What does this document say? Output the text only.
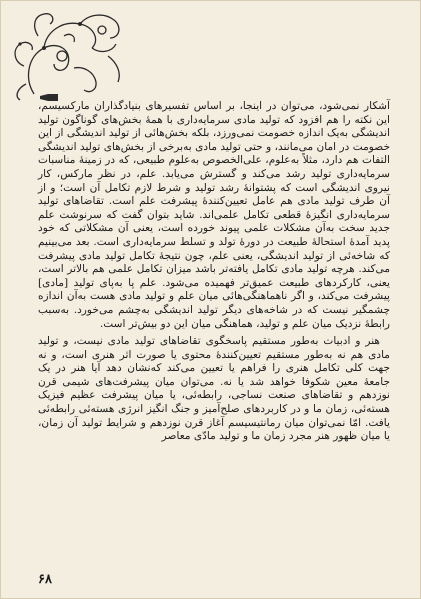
آشکار نمی‌شود، می‌توان در اینجا، بر اساس تفسیرهای بنیادگذاران مارکسیسم، این نکته را هم افزود که تولید مادی سرمایه‌داری با همهٔ بخش‌های گوناگون تولید اندیشگی به‌یک اندازه خصومت نمی‌ورزد، بلکه بخش‌هائی از تولید اندیشگی از این خصومت در امان می‌مانند، و حتی تولید مادی به‌برخی از بخش‌های تولید اندیشگی التفات هم دارد، مثلاً به‌علوم، علی‌الخصوص به‌علوم طبیعی، که در زمینهٔ مناسبات سرمایه‌داری تولید رشد می‌کند و گسترش می‌یابد. علم، در نظر مارکس، کار نیروی اندیشگی است که پشتوانهٔ رشد تولید و شرط لازم تکامل آن است؛ و از آن طرف تولید مادی هم عامل تعیین‌کنندهٔ پیشرفت علم است. تقاضاهای تولید سرمایه‌داری انگیزهٔ قطعی تکامل علمی‌اند. شاید بتوان گفت که سرنوشت علم جدید سخت به‌آن مشکلات علمی پیوند خورده است، یعنی آن مشکلاتی که خود پدید آمدهٔ استحالهٔ طبیعت در دورهٔ تولد و تسلط سرمایه‌داری است. بعد می‌بینیم که شاخه‌ئی از تولید اندیشگی، یعنی علم، چون نتیجهٔ تکامل تولید مادی پیشرفت می‌کند. هرچه تولید مادی تکامل یافته‌تر باشد میزان تکامل علمی هم بالاتر است، یعنی، کارکردهای طبیعت عمیق‌تر فهمیده می‌شود. علم پا به‌پای تولید [مادی] پیشرفت می‌کند، و اگر ناهماهنگی‌هائی میان علم و تولید مادی هست به‌آن اندازه چشمگیر نیست که در شاخه‌های دیگر تولید اندیشگی به‌چشم می‌خورد. به‌سبب رابطهٔ نزدیک میان علم و تولید، هماهنگی میان این دو بیش‌تر است.

هنر و ادبیات به‌طور مستقیم پاسخگوی تقاضاهای تولید مادی نیست، و تولید مادی هم نه به‌طور مستقیم تعیین‌کنندهٔ محتوی یا صورت اثر هنری است، و نه جهت کلی تکامل هنری را فراهم یا تعیین می‌کند که‌نشان دهد آیا هنر در یک جامعهٔ معین شکوفا خواهد شد یا نه. می‌توان میان پیشرفت‌های شیمی قرن نوزدهم و تقاضاهای صنعت نساجی، رابطه‌ئی، یا میان پیشرفت عظیم فیزیک هسته‌ئی، زمان ما و در کاربردهای صلح‌آمیز و جنگ انگیز انرژی هسته‌ئی رابطه‌ئی یافت. امّا نمی‌توان میان رمانتیسیسم آغاز قرن نوزدهم و شرایط تولید آن زمان، یا میان ظهور هنر مجرد زمان ما و تولید مادّی معاصر

۶۸
